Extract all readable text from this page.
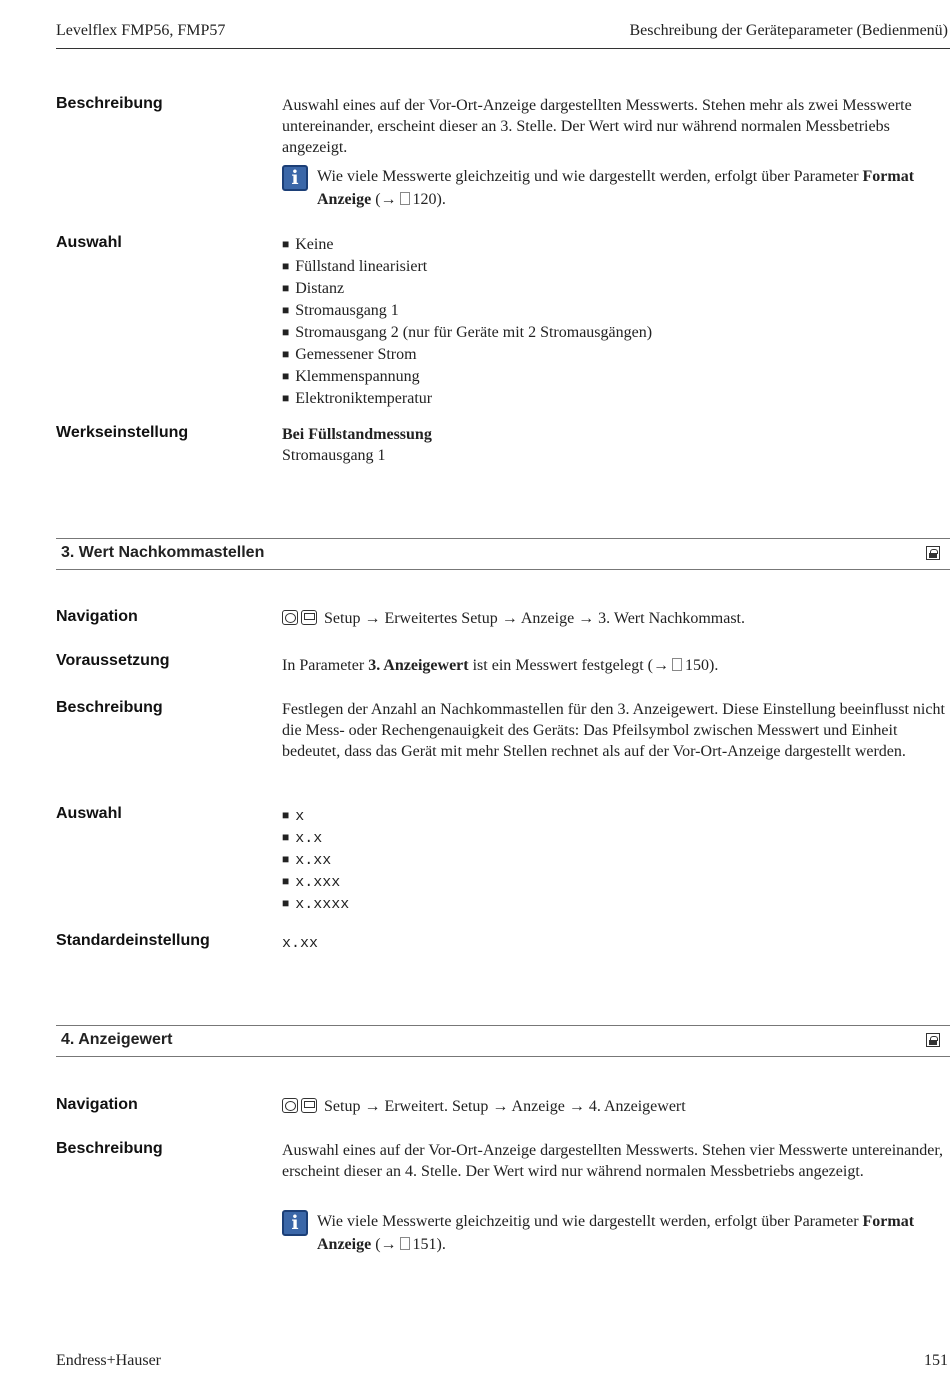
Levelflex FMP56, FMP57	Beschreibung der Geräteparameter (Bedienmenü)
Beschreibung	Auswahl eines auf der Vor-Ort-Anzeige dargestellten Messwerts. Stehen mehr als zwei Messwerte untereinander, erscheint dieser an 3. Stelle. Der Wert wird nur während normalen Messbetriebs angezeigt.
i	Wie viele Messwerte gleichzeitig und wie dargestellt werden, erfolgt über Parameter Format Anzeige (→ 120).
Auswahl	■ Keine
■ Füllstand linearisiert
■ Distanz
■ Stromausgang 1
■ Stromausgang 2 (nur für Geräte mit 2 Stromausgängen)
■ Gemessener Strom
■ Klemmenspannung
■ Elektroniktemperatur
Werkseinstellung	Bei Füllstandmessung
Stromausgang 1
3. Wert Nachkommastellen
Navigation	Setup → Erweitertes Setup → Anzeige → 3. Wert Nachkommast.
Voraussetzung	In Parameter 3. Anzeigewert ist ein Messwert festgelegt (→ 150).
Beschreibung	Festlegen der Anzahl an Nachkommastellen für den 3. Anzeigewert. Diese Einstellung beeinflusst nicht die Mess- oder Rechengenauigkeit des Geräts: Das Pfeilsymbol zwischen Messwert und Einheit bedeutet, dass das Gerät mit mehr Stellen rechnet als auf der Vor-Ort-Anzeige dargestellt werden.
Auswahl	■ x
■ x.x
■ x.xx
■ x.xxx
■ x.xxxx
Standardeinstellung	x.xx
4. Anzeigewert
Navigation	Setup → Erweitert. Setup → Anzeige → 4. Anzeigewert
Beschreibung	Auswahl eines auf der Vor-Ort-Anzeige dargestellten Messwerts. Stehen vier Messwerte untereinander, erscheint dieser an 4. Stelle. Der Wert wird nur während normalen Messbetriebs angezeigt.
i	Wie viele Messwerte gleichzeitig und wie dargestellt werden, erfolgt über Parameter Format Anzeige (→ 151).
Endress+Hauser	151
